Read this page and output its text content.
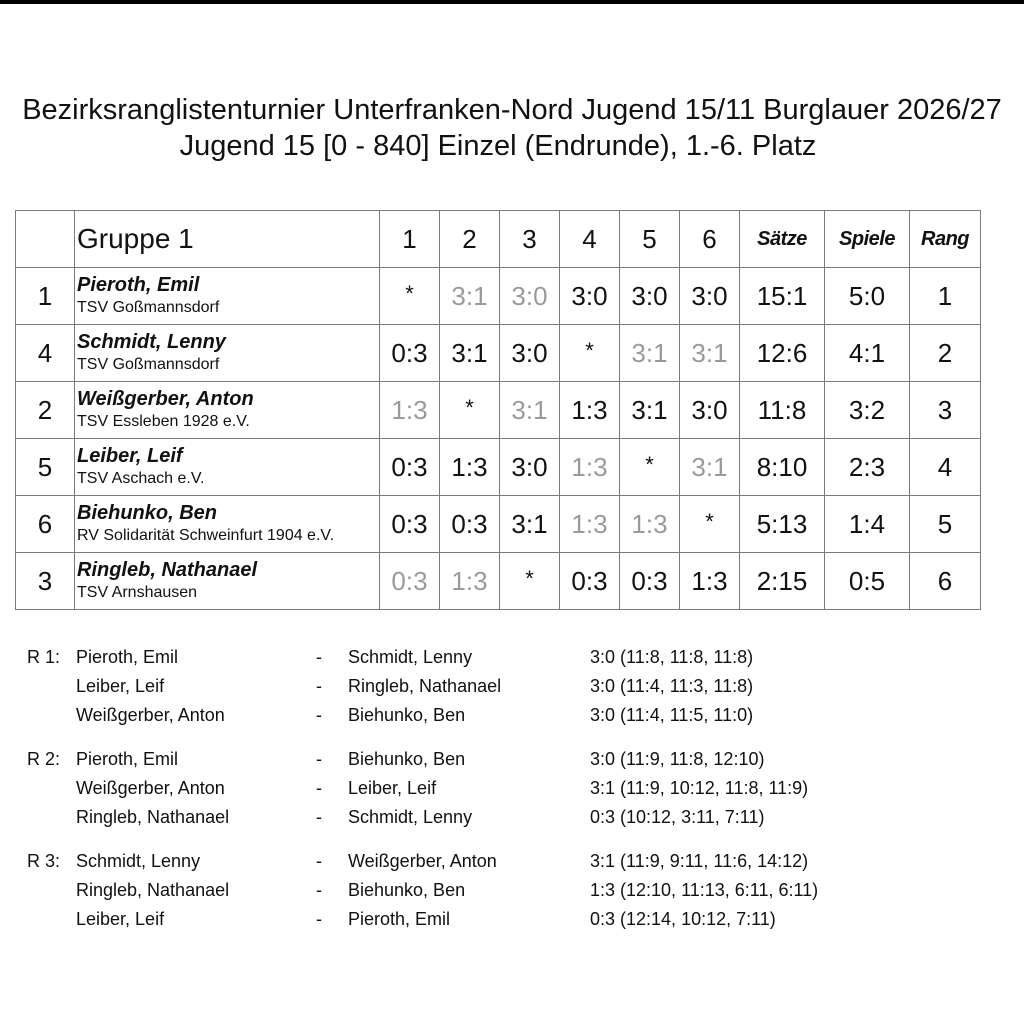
Bezirksranglistenturnier Unterfranken-Nord Jugend 15/11 Burglauer 2026/27
Jugend 15 [0 - 840] Einzel (Endrunde), 1.-6. Platz
	Gruppe 1	1	2	3	4	5	6	Sätze	Spiele	Rang
1	Pieroth, Emil
TSV Goßmannsdorf	*	3:1	3:0	3:0	3:0	3:0	15:1	5:0	1
4	Schmidt, Lenny
TSV Goßmannsdorf	0:3	3:1	3:0	*	3:1	3:1	12:6	4:1	2
2	Weißgerber, Anton
TSV Essleben 1928 e.V.	1:3	*	3:1	1:3	3:1	3:0	11:8	3:2	3
5	Leiber, Leif
TSV Aschach e.V.	0:3	1:3	3:0	1:3	*	3:1	8:10	2:3	4
6	Biehunko, Ben
RV Solidarität Schweinfurt 1904 e.V.	0:3	0:3	3:1	1:3	1:3	*	5:13	1:4	5
3	Ringleb, Nathanael
TSV Arnshausen	0:3	1:3	*	0:3	0:3	1:3	2:15	0:5	6
R 1: Pieroth, Emil	- Schmidt, Lenny	3:0 (11:8, 11:8, 11:8)
Leiber, Leif	- Ringleb, Nathanael	3:0 (11:4, 11:3, 11:8)
Weißgerber, Anton	- Biehunko, Ben	3:0 (11:4, 11:5, 11:0)
R 2: Pieroth, Emil	- Biehunko, Ben	3:0 (11:9, 11:8, 12:10)
Weißgerber, Anton	- Leiber, Leif	3:1 (11:9, 10:12, 11:8, 11:9)
Ringleb, Nathanael	- Schmidt, Lenny	0:3 (10:12, 3:11, 7:11)
R 3: Schmidt, Lenny	- Weißgerber, Anton	3:1 (11:9, 9:11, 11:6, 14:12)
Ringleb, Nathanael	- Biehunko, Ben	1:3 (12:10, 11:13, 6:11, 6:11)
Leiber, Leif	- Pieroth, Emil	0:3 (12:14, 10:12, 7:11)
